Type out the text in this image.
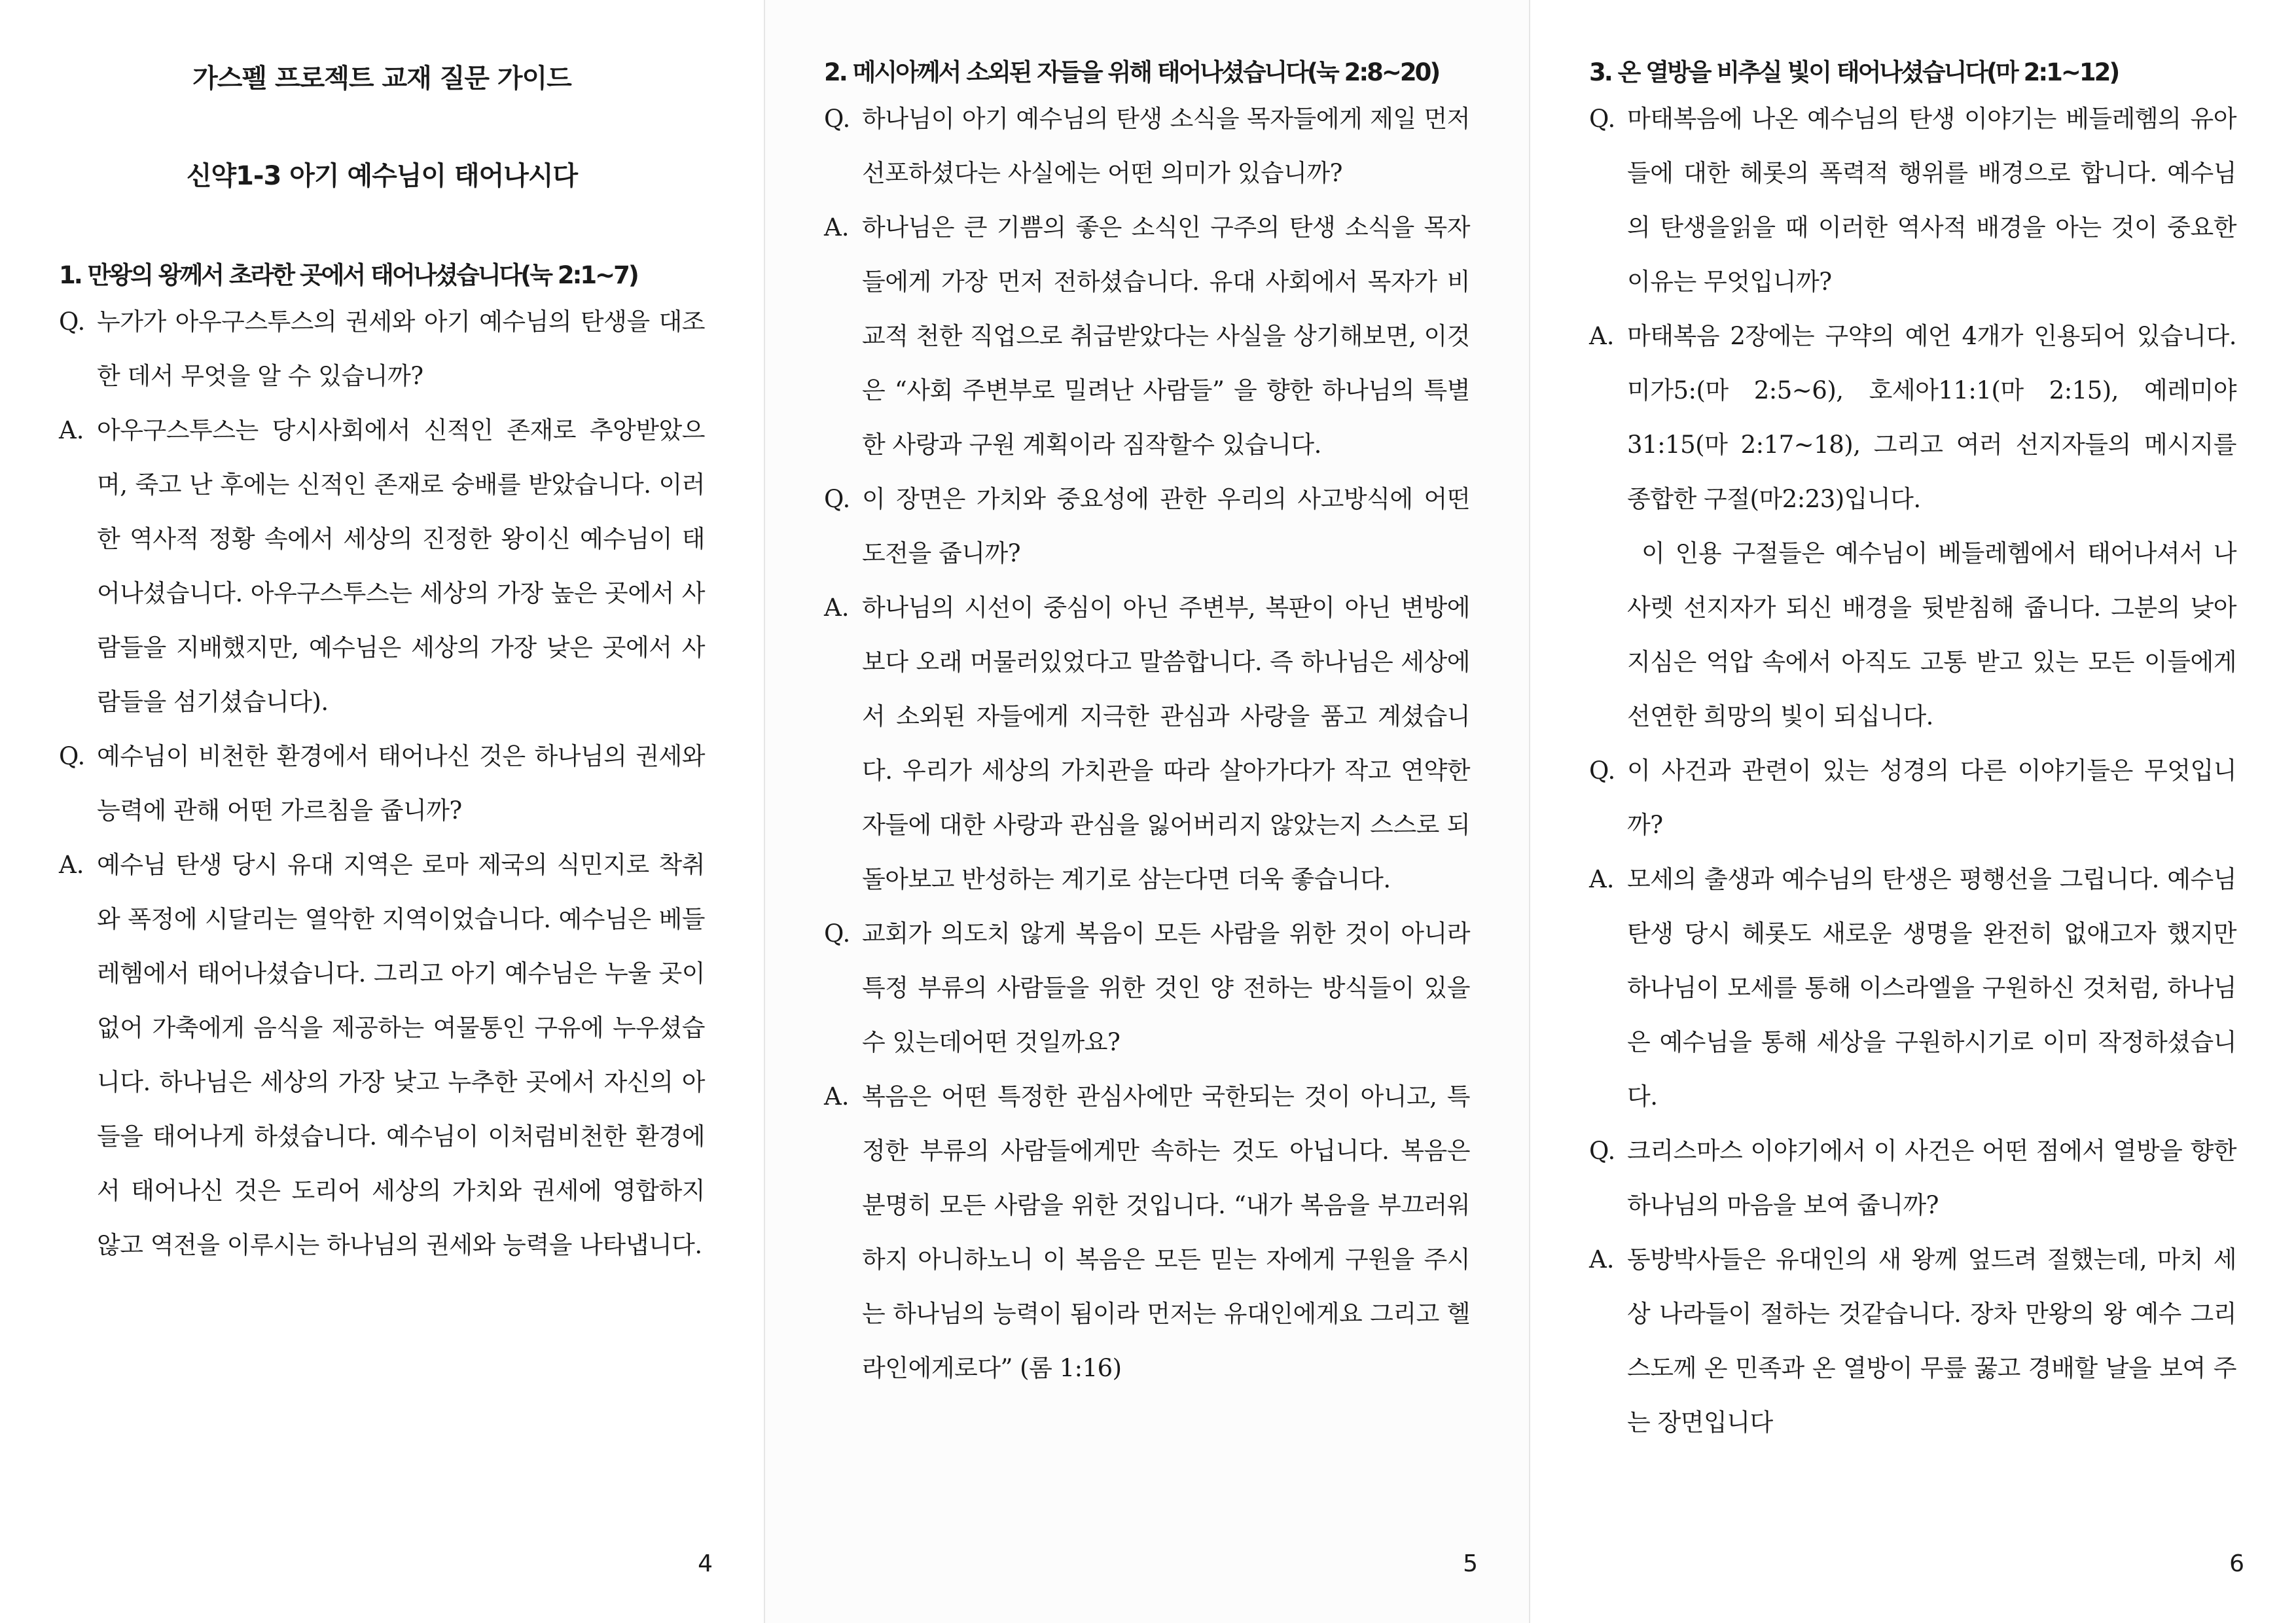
가스펠 프로젝트 교재 질문 가이드
신약1-3 아기 예수님이 태어나시다
1. 만왕의 왕께서 초라한 곳에서 태어나셨습니다(눅 2:1~7)
Q. 누가가 아우구스투스의 권세와 아기 예수님의 탄생을 대조한 데서 무엇을 알 수 있습니까?

A. 아우구스투스는 당시사회에서 신적인 존재로 추앙받았으며, 죽고 난 후에는 신적인 존재로 숭배를 받았습니다. 이러한 역사적 정황 속에서 세상의 진정한 왕이신 예수님이 태어나셨습니다. 아우구스투스는 세상의 가장 높은 곳에서 사람들을 지배했지만, 예수님은 세상의 가장 낮은 곳에서 사람들을 섬기셨습니다).

Q. 예수님이 비천한 환경에서 태어나신 것은 하나님의 권세와 능력에 관해 어떤 가르침을 줍니까?

A. 예수님 탄생 당시 유대 지역은 로마 제국의 식민지로 착취와 폭정에 시달리는 열악한 지역이었습니다. 예수님은 베들레헴에서 태어나셨습니다. 그리고 아기 예수님은 누울 곳이 없어 가축에게 음식을 제공하는 여물통인 구유에 누우셨습니다. 하나님은 세상의 가장 낮고 누추한 곳에서 자신의 아들을 태어나게 하셨습니다. 예수님이 이처럼비천한 환경에서 태어나신 것은 도리어 세상의 가치와 권세에 영합하지 않고 역전을 이루시는 하나님의 권세와 능력을 나타냅니다.

4
2. 메시아께서 소외된 자들을 위해 태어나셨습니다(눅 2:8~20)
Q. 하나님이 아기 예수님의 탄생 소식을 목자들에게 제일 먼저 선포하셨다는 사실에는 어떤 의미가 있습니까?

A. 하나님은 큰 기쁨의 좋은 소식인 구주의 탄생 소식을 목자들에게 가장 먼저 전하셨습니다. 유대 사회에서 목자가 비교적 천한 직업으로 취급받았다는 사실을 상기해보면, 이것은 “사회 주변부로 밀려난 사람들” 을 향한 하나님의 특별한 사랑과 구원 계획이라 짐작할수 있습니다.

Q. 이 장면은 가치와 중요성에 관한 우리의 사고방식에 어떤 도전을 줍니까?

A. 하나님의 시선이 중심이 아닌 주변부, 복판이 아닌 변방에 보다 오래 머물러있었다고 말씀합니다. 즉 하나님은 세상에서 소외된 자들에게 지극한 관심과 사랑을 품고 계셨습니다. 우리가 세상의 가치관을 따라 살아가다가 작고 연약한 자들에 대한 사랑과 관심을 잃어버리지 않았는지 스스로 되돌아보고 반성하는 계기로 삼는다면 더욱 좋습니다.

Q. 교회가 의도치 않게 복음이 모든 사람을 위한 것이 아니라 특정 부류의 사람들을 위한 것인 양 전하는 방식들이 있을 수 있는데어떤 것일까요?

A. 복음은 어떤 특정한 관심사에만 국한되는 것이 아니고, 특정한 부류의 사람들에게만 속하는 것도 아닙니다. 복음은 분명히 모든 사람을 위한 것입니다. “내가 복음을 부끄러워하지 아니하노니 이 복음은 모든 믿는 자에게 구원을 주시는 하나님의 능력이 됨이라 먼저는 유대인에게요 그리고 헬라인에게로다” (롬 1:16)

5
3. 온 열방을 비추실 빛이 태어나셨습니다(마 2:1~12)
Q. 마태복음에 나온 예수님의 탄생 이야기는 베들레헴의 유아들에 대한 헤롯의 폭력적 행위를 배경으로 합니다. 예수님의 탄생을읽을 때 이러한 역사적 배경을 아는 것이 중요한 이유는 무엇입니까?

A. 마태복음 2장에는 구약의 예언 4개가 인용되어 있습니다. 미가5:(마 2:5~6), 호세아11:1(마 2:15), 예레미야31:15(마 2:17~18), 그리고 여러 선지자들의 메시지를 종합한 구절(마2:23)입니다.

이 인용 구절들은 예수님이 베들레헴에서 태어나셔서 나사렛 선지자가 되신 배경을 뒷받침해 줍니다. 그분의 낮아지심은 억압 속에서 아직도 고통 받고 있는 모든 이들에게 선연한 희망의 빛이 되십니다.

Q. 이 사건과 관련이 있는 성경의 다른 이야기들은 무엇입니까?

A. 모세의 출생과 예수님의 탄생은 평행선을 그립니다. 예수님 탄생 당시 헤롯도 새로운 생명을 완전히 없애고자 했지만 하나님이 모세를 통해 이스라엘을 구원하신 것처럼, 하나님은 예수님을 통해 세상을 구원하시기로 이미 작정하셨습니다.

Q. 크리스마스 이야기에서 이 사건은 어떤 점에서 열방을 향한 하나님의 마음을 보여 줍니까?

A. 동방박사들은 유대인의 새 왕께 엎드려 절했는데, 마치 세상 나라들이 절하는 것같습니다. 장차 만왕의 왕 예수 그리스도께 온 민족과 온 열방이 무릎 꿇고 경배할 날을 보여 주는 장면입니다

6
